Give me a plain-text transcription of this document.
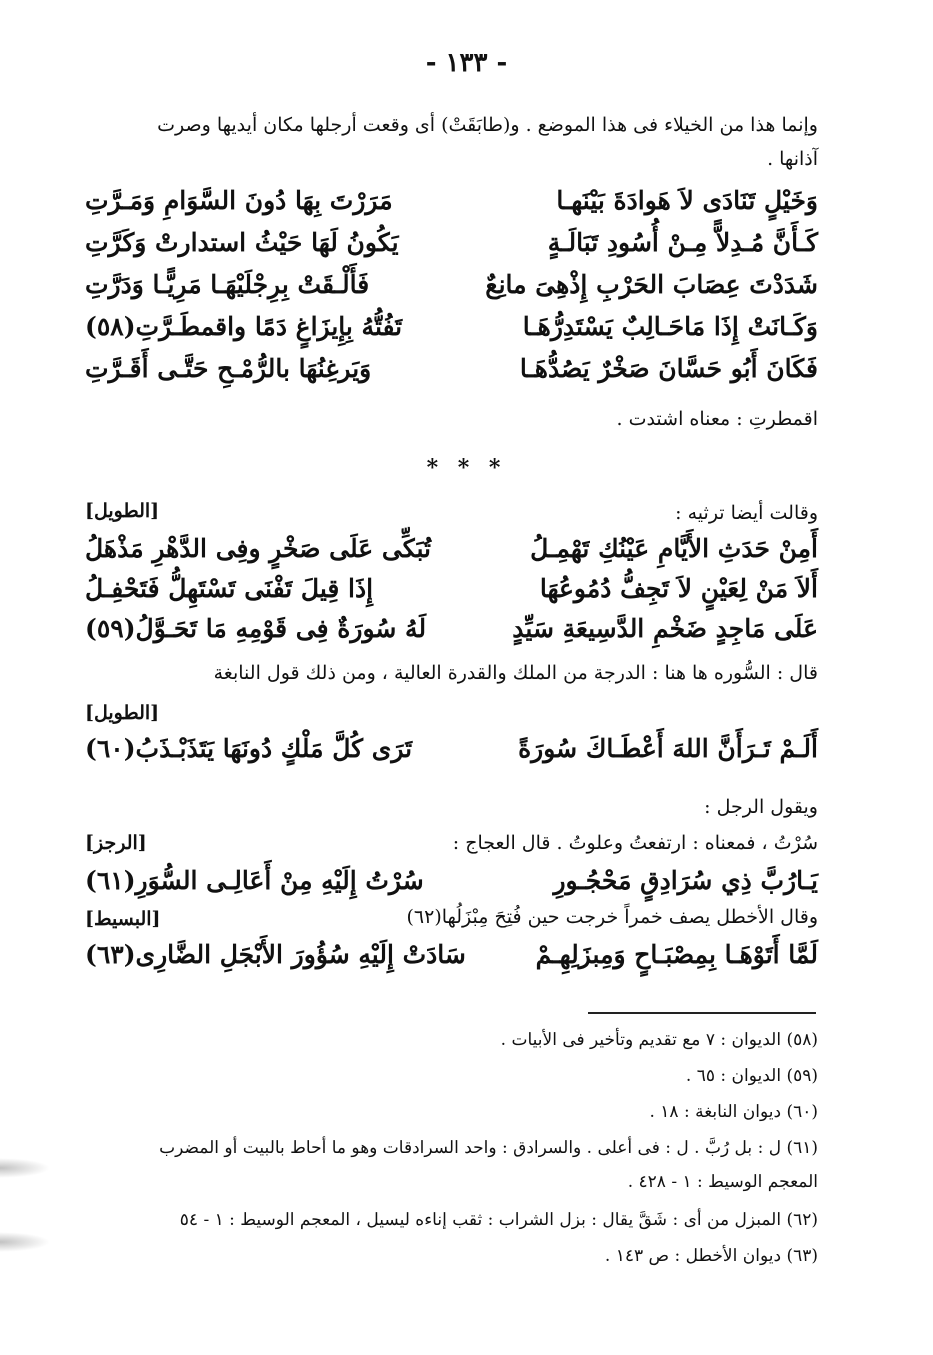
- ١٣٣ -
وإنما هذا من الخيلاء فى هذا الموضع . و(طابَقَتْ) أى وقعت أرجلها مكان أيديها وصرت
آذانها .
وَخَيْلٍ تَنَادَى لاَ هَوادَةَ بَيْنَهـا
مَرَرْتَ بِهَا دُونَ السَّوَامِ وَمَـرَّتِ
كَـأَنَّ مُـدِلاًّ مِـنْ أُسُودِ تَبَالَـةٍ
يَكُونُ لَهَا حَيْثُ استدارتْ وَكَرَّتِ
شَدَدْتَ عِصَابَ الحَرْبِ إِذْهِىَ مانِعٌ
فَأَلْـقَتْ بِرِجْلَيْهَـا مَرِيًّـا وَدَرَّتِ
وَكَـانَتْ إِذَا مَاحَـالِبٌ يَسْتَدِرُّهَـا
تَفُتُّهُ بِإِيزَاغٍ دَمًا واقمطَـرَّتِ(٥٨)
فَكَانَ أَبُو حَسَّانَ صَخْرٌ يَصُدُّهَـا
وَيَرغِنُهَا بالرُّمْـحِ حَتَّـى أَقَـرَّتِ
اقمطرتِ : معناه اشتدت .
* * *
وقالت أيضا ترثيه :
[الطويل]
أَمِنْ حَدَثِ الأَيَّامِ عَيْنُكِ تَهْمِـلُ
تُبَكِّى عَلَى صَخْرٍ وفِى الدَّهْرِ مَذْهَلُ
أَلاَ مَنْ لِعَيْنٍ لاَ تَجِفُّ دُمُوعُهَا
إِذَا قِيلَ تَفْنَى تَسْتَهِلُّ فَتَحْفِـلُ
عَلَى مَاجِدٍ ضَخْمِ الدَّسِيعَةِ سَيِّدٍ
لَهُ سُورَةٌ فِى قَوْمِهِ مَا تَحَـوَّلُ(٥٩)
قال : السُّوره ها هنا : الدرجة من الملك والقدرة العالية ، ومن ذلك قول النابغة
[الطويل]
أَلَـمْ تَـرَأَنَّ اللهَ أَعْطَـاكَ سُورَةً
تَرَى كُلَّ مَلْكٍ دُونَهَا يَتَذَبْـذَبُ(٦٠)
ويقول الرجل :
سُرْتُ ، فمعناه : ارتفعتُ وعلوتُ . قال العجاج :
[الرجز]
يَـارُبَّ ذِي سُرَادِقٍ مَحْجُـورِ
سُرْتُ إِلَيْهِ مِنْ أَعَالِـى السُّوَرِ(٦١)
وقال الأخطل يصف خمراً خرجت حين فُتِحَ مِبْزَلُها(٦٢)
[البسيط]
لَمَّا أَتَوْهَـا بِمِصْبَـاحٍ وَمِبزَلِهِـمْ
سَادَتْ إِلَيْهِ سُؤُورَ الأَبْجَلِ الضَّارِى(٦٣)
(٥٨) الديوان : ٧ مع تقديم وتأخير فى الأبيات .
(٥٩) الديوان : ٦٥ .
(٦٠) ديوان النابغة : ١٨ .
(٦١) ل : بل رُبَّ . ل : فى أعلى . والسرادق : واحد السرادقات وهو ما أحاط بالبيت أو المضرب
المعجم الوسيط : ١ - ٤٢٨ .
(٦٢) المبزل من أى : شَقَّ يقال : بزل الشراب : ثقب إناءه ليسيل ، المعجم الوسيط : ١ - ٥٤
(٦٣) ديوان الأخطل : ص ١٤٣ .
